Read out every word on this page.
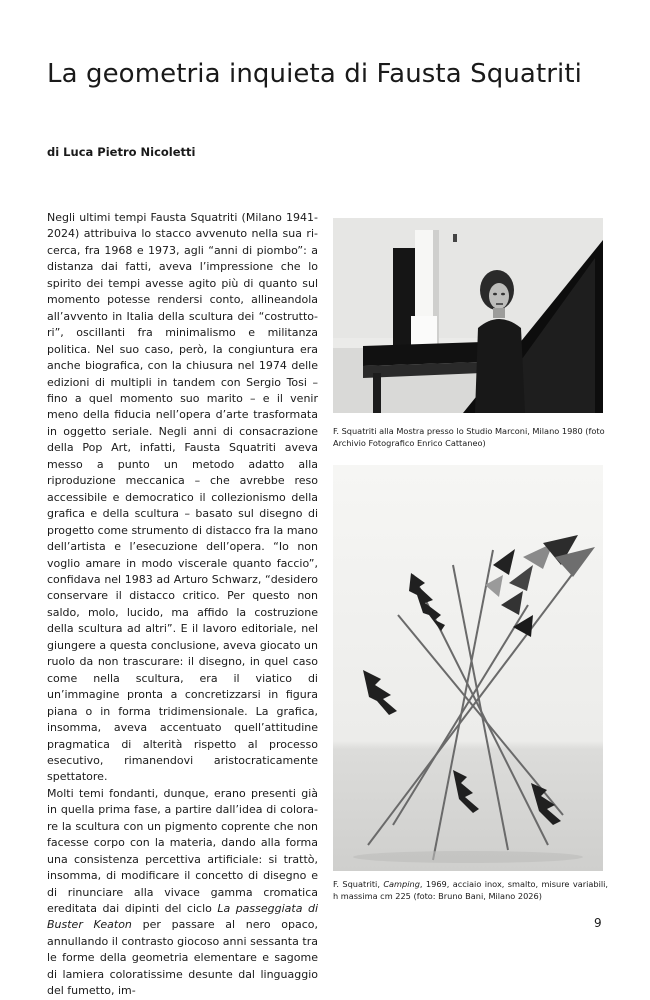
La geometria inquieta di Fausta Squatriti
di Luca Pietro Nicoletti

Negli ultimi tempi Fausta Squatriti (Milano 1941-2024) attribuiva lo stacco avvenuto nella sua ricerca, fra 1968 e 1973, agli “anni di piombo”: a distanza dai fatti, aveva l’impressione che lo spirito dei tempi avesse agito più di quanto sul momento potesse rendersi conto, allineandola all’avvento in Italia della scultura dei “costruttori”, oscillanti fra minimalismo e militanza politica. Nel suo caso, però, la congiuntura era anche biografica, con la chiusura nel 1974 delle edizioni di multipli in tandem con Sergio Tosi – fino a quel momento suo marito – e il venir meno della fiducia nell’opera d’arte trasformata in oggetto seriale. Negli anni di consacrazione della Pop Art, infatti, Fausta Squatriti aveva messo a punto un metodo adatto alla riproduzione meccanica – che avrebbe reso accessibile e democratico il collezionismo della grafica e della scultura – basato sul disegno di progetto come strumento di distacco fra la mano dell’artista e l’esecuzione dell’opera. “Io non voglio amare in modo viscerale quanto faccio”, confidava nel 1983 ad Arturo Schwarz, “desidero conservare il distacco critico. Per questo non saldo, molo, lucido, ma affido la costruzione della scultura ad altri”. E il lavoro editoriale, nel giungere a questa conclusione, aveva giocato un ruolo da non trascurare: il disegno, in quel caso come nella scultura, era il viatico di un’immagine pronta a concretizzarsi in figura piana o in forma tridimensionale. La grafica, insomma, aveva accentuato quell’attitudine pragmatica di alterità rispetto al processo esecutivo, rimanendovi aristocraticamente spettatore.

Molti temi fondanti, dunque, erano presenti già in quella prima fase, a partire dall’idea di colorare la scultura con un pigmento coprente che non facesse corpo con la materia, dando alla forma una consistenza percettiva artificiale: si trattò, insomma, di modificare il concetto di disegno e di rinunciare alla vivace gamma cromatica ereditata dai dipinti del ciclo La passeggiata di Buster Keaton per passare al nero opaco, annullando il contrasto giocoso anni sessanta tra le forme della geometria elementare e sagome di lamiera coloratissime desunte dal linguaggio del fumetto, im-

F. Squatriti alla Mostra presso lo Studio Marconi, Milano 1980 (foto Archivio Fotografico Enrico Cattaneo)
F. Squatriti, Camping, 1969, acciaio inox, smalto, misure variabili, h massima cm 225 (foto: Bruno Bani, Milano 2026)
9
